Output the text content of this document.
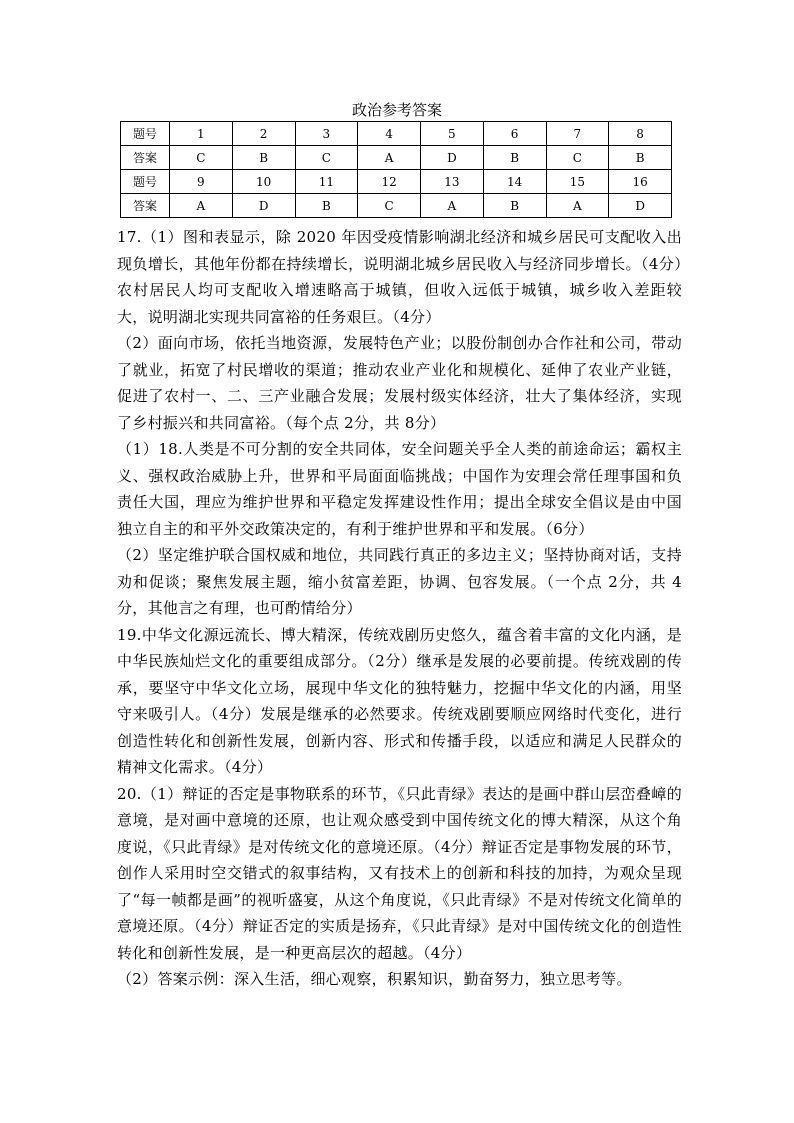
政治参考答案
题号	1	2	3	4	5	6	7	8
答案	C	B	C	A	D	B	C	B
题号	9	10	11	12	13	14	15	16
答案	A	D	B	C	A	B	A	D

17.（1）图和表显示，除 2020 年因受疫情影响湖北经济和城乡居民可支配收入出现负增长，其他年份都在持续增长，说明湖北城乡居民收入与经济同步增长。（4分）农村居民人均可支配收入增速略高于城镇，但收入远低于城镇，城乡收入差距较大，说明湖北实现共同富裕的任务艰巨。（4分）

（2）面向市场，依托当地资源，发展特色产业；以股份制创办合作社和公司，带动了就业，拓宽了村民增收的渠道；推动农业产业化和规模化、延伸了农业产业链，促进了农村一、二、三产业融合发展；发展村级实体经济，壮大了集体经济，实现了乡村振兴和共同富裕。（每个点 2分，共 8分）

（1）18.人类是不可分割的安全共同体，安全问题关乎全人类的前途命运；霸权主义、强权政治威胁上升，世界和平局面面临挑战；中国作为安理会常任理事国和负责任大国，理应为维护世界和平稳定发挥建设性作用；提出全球安全倡议是由中国独立自主的和平外交政策决定的，有利于维护世界和平和发展。（6分）

（2）坚定维护联合国权威和地位，共同践行真正的多边主义；坚持协商对话，支持劝和促谈；聚焦发展主题，缩小贫富差距，协调、包容发展。（一个点 2分，共 4分，其他言之有理，也可酌情给分）

19.中华文化源远流长、博大精深，传统戏剧历史悠久，蕴含着丰富的文化内涵，是中华民族灿烂文化的重要组成部分。（2分）继承是发展的必要前提。传统戏剧的传承，要坚守中华文化立场，展现中华文化的独特魅力，挖掘中华文化的内涵，用坚守来吸引人。（4分）发展是继承的必然要求。传统戏剧要顺应网络时代变化，进行创造性转化和创新性发展，创新内容、形式和传播手段，以适应和满足人民群众的精神文化需求。（4分）

20.（1）辩证的否定是事物联系的环节，《只此青绿》表达的是画中群山层峦叠嶂的意境，是对画中意境的还原，也让观众感受到中国传统文化的博大精深，从这个角度说，《只此青绿》是对传统文化的意境还原。（4分）辩证否定是事物发展的环节，创作人采用时空交错式的叙事结构，又有技术上的创新和科技的加持，为观众呈现了“每一帧都是画”的视听盛宴，从这个角度说，《只此青绿》不是对传统文化简单的意境还原。（4分）辩证否定的实质是扬弃，《只此青绿》是对中国传统文化的创造性转化和创新性发展，是一种更高层次的超越。（4分）

（2）答案示例：深入生活，细心观察，积累知识，勤奋努力，独立思考等。
